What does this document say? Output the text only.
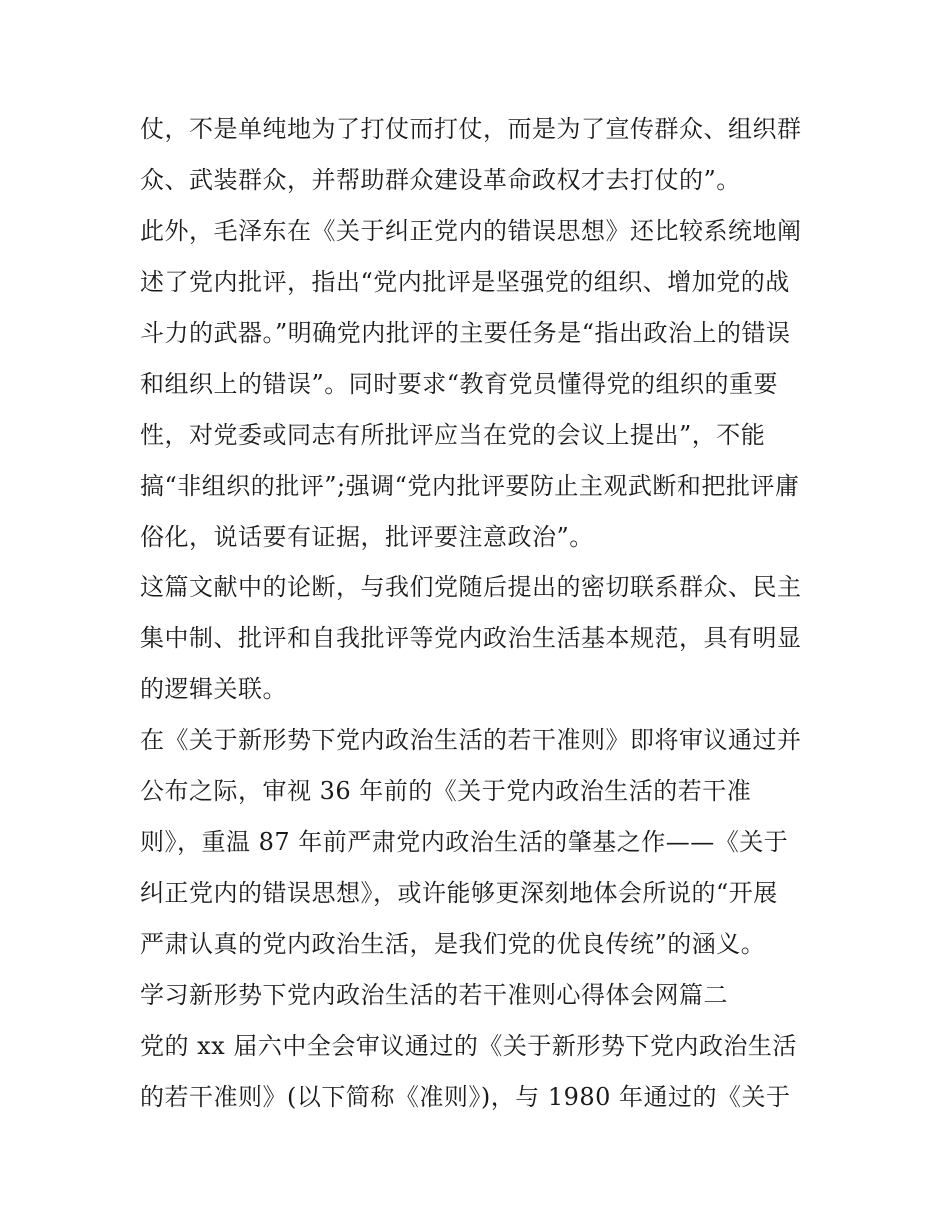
仗，不是单纯地为了打仗而打仗，而是为了宣传群众、组织群
众、武装群众，并帮助群众建设革命政权才去打仗的”。
此外，毛泽东在《关于纠正党内的错误思想》还比较系统地阐
述了党内批评，指出“党内批评是坚强党的组织、增加党的战
斗力的武器。”明确党内批评的主要任务是“指出政治上的错误
和组织上的错误”。同时要求“教育党员懂得党的组织的重要
性，对党委或同志有所批评应当在党的会议上提出”，不能
搞“非组织的批评”;强调“党内批评要防止主观武断和把批评庸
俗化，说话要有证据，批评要注意政治”。
这篇文献中的论断，与我们党随后提出的密切联系群众、民主
集中制、批评和自我批评等党内政治生活基本规范，具有明显
的逻辑关联。
在《关于新形势下党内政治生活的若干准则》即将审议通过并
公布之际，审视 36 年前的《关于党内政治生活的若干准
则》，重温 87 年前严肃党内政治生活的肇基之作——《关于
纠正党内的错误思想》，或许能够更深刻地体会所说的“开展
严肃认真的党内政治生活，是我们党的优良传统”的涵义。
学习新形势下党内政治生活的若干准则心得体会网篇二
党的 xx 届六中全会审议通过的《关于新形势下党内政治生活
的若干准则》(以下简称《准则》)，与 1980 年通过的《关于
